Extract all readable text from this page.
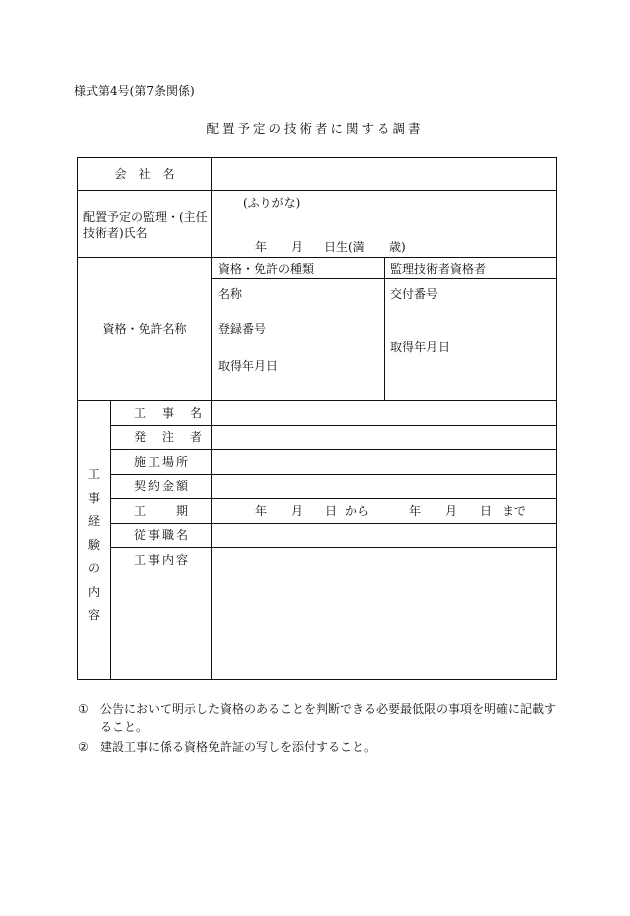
様式第4号(第7条関係)
配置予定の技術者に関する調書
会　社　名
配置予定の監理・(主任技術者)氏名
(ふりがな)
年 月 日生(満 歳)
資格・免許名称
資格・免許の種類	監理技術者資格者
名称
登録番号
取得年月日
交付番号
取得年月日
工
事
経
験
の
内
容
工　事　名
発　注　者
施工場所
契約金額
工　　期
従事職名
工事内容
年 月 日 から	年 月 日 まで
① 公告において明示した資格のあることを判断できる必要最低限の事項を明確に記載すること。
② 建設工事に係る資格免許証の写しを添付すること。
